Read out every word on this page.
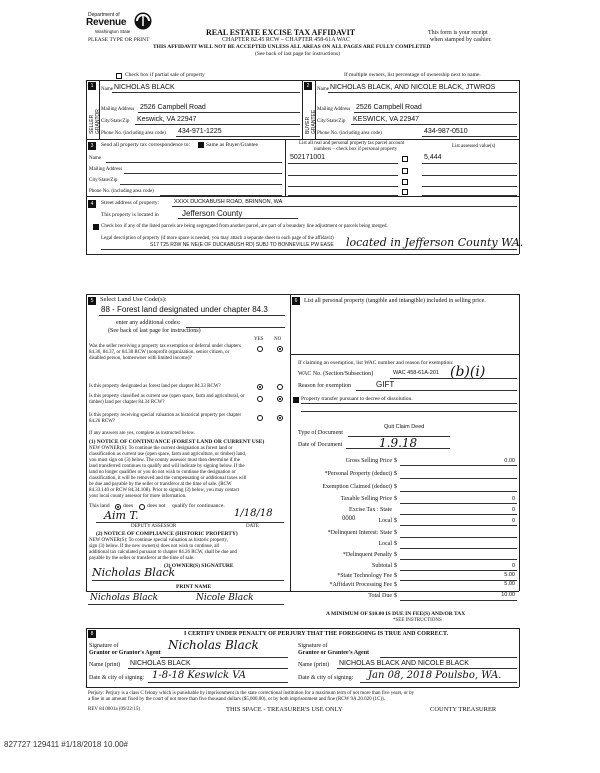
Department of
Revenue
Washington State
PLEASE TYPE OR PRINT
REAL ESTATE EXCISE TAX AFFIDAVIT
CHAPTER 82.45 RCW – CHAPTER 458-61A WAC
THIS AFFIDAVIT WILL NOT BE ACCEPTED UNLESS ALL AREAS ON ALL PAGES ARE FULLY COMPLETED
(See back of last page for instructions)
This form is your receipt
when stamped by cashier.
Check box if partial sale of property	If multiple owners, list percentage of ownership next to name.
1
SELLER GRANTOR
2
BUYER GRANTEE
Name NICHOLAS BLACK
Mailing Address 2526 Campbell Road
City/State/Zip Keswick, VA 22947
Phone No. (including area code) 434-971-1225
Name NICHOLAS BLACK, AND NICOLE BLACK, JTWROS
Mailing Address 2526 Campbell Road
City/State/Zip KESWICK, VA 22947
Phone No. (including area code)	434-987-0510
3	Send all property tax correspondence to:	Same as Buyer/Grantee
Name
Mailing Address
City/State/Zip
Phone No. (including area code)
List all real and personal property tax parcel account
numbers – check box if personal property
List assessed value(s)
502171001	5,444
4	Street address of property:	XXXX DUCKABUSH ROAD, BRINNON, WA
This property is located in	Jefferson County
Check box if any of the listed parcels are being segregated from another parcel, are part of a boundary line adjustment or parcels being merged.
Legal description of property (if more space is needed, you may attach a separate sheet to each page of the affidavit)
S17 T25 R3W NE NE(E OF DUCKABUSH RD) SUBJ TO BONNEVILLE PW EASE located in Jefferson County WA.
5	Select Land Use Code(s):
88 - Forest land designated under chapter 84.3
enter any additional codes:
(See back of last page for instructions)
YES NO
Was the seller receiving a property tax exemption or deferral under chapters 84.36, 84.37, or 84.38 RCW (nonprofit organization, senior citizen, or disabled person, homeowner with limited income)?
Is this property designated as forest land per chapter 84.33 RCW?
Is this property classified as current use (open space, farm and agricultural, or timber) land per chapter 84.34 RCW?
Is this property receiving special valuation as historical property per chapter 84.26 RCW?
If any answers are yes, complete as instructed below.
(1) NOTICE OF CONTINUANCE (FOREST LAND OR CURRENT USE)
NEW OWNER(S): To continue the current designation as forest land or
classification as current use (open space, farm and agriculture, or timber) land,
you must sign on (3) below. The county assessor must then determine if the
land transferred continues to qualify and will indicate by signing below. If the
land no longer qualifies or you do not wish to continue the designation or
classification, it will be removed and the compensating or additional taxes will
be due and payable by the seller or transferor at the time of sale. (RCW
84.33.140 or RCW 84.34.108). Prior to signing (3) below, you may contact
your local county assessor for more information.
This land does	does not qualify for continuance.
Aim T.	1/18/18
DEPUTY ASSESSOR	DATE
(2) NOTICE OF COMPLIANCE (HISTORIC PROPERTY)
NEW OWNER(S): To continue special valuation as historic property,
sign (3) below. If the new owner(s) does not wish to continue, all
additional tax calculated pursuant to chapter 84.26 RCW, shall be due and
payable by the seller or transferor at the time of sale.
(3) OWNER(S) SIGNATURE
Nicholas Black
PRINT NAME
Nicholas Black	Nicole Black
6	List all personal property (tangible and intangible) included in selling price.
If claiming an exemption, list WAC number and reason for exemption:
WAC No. (Section/Subsection)	WAC 458-61A-201 (b)(i)
Reason for exemption	GIFT
Property transfer pursuant to decree of dissolution.
Type of Document
Quit Claim Deed
Date of Document	1.9.18
Gross Selling Price $	0.00
*Personal Property (deduct) $
Exemption Claimed (deduct) $
Taxable Selling Price $	0
Excise Tax : State	0
0000	Local $	0
*Delinquent Interest: State $
Local $
*Delinquent Penalty $
Subtotal $	0
*State Technology Fee $	5.00
*Affidavit Processing Fee $	5.00
Total Due $	10.00
A MINIMUM OF $10.00 IS DUE IN FEE(S) AND/OR TAX
*SEE INSTRUCTIONS
8	I CERTIFY UNDER PENALTY OF PERJURY THAT THE FOREGOING IS TRUE AND CORRECT.
Signature of
Grantor or Grantor's Agent
Nicholas Black
Name (print) NICHOLAS BLACK
Date & city of signing: 1-8-18 Keswick VA
Signature of
Grantee or Grantee's Agent
Name (print) NICHOLAS BLACK AND NICOLE BLACK
Date & city of signing: Jan 08, 2018 Poulsbo, WA.
Perjury: Perjury is a class C felony which is punishable by imprisonment in the state correctional institution for a maximum term of not more than five years, or by
a fine in an amount fixed by the court of not more than five thousand dollars ($5,000.00), or by both imprisonment and fine (RCW 9A.20.020 (1C)).
REV 84 0001a (09/22/15)	THIS SPACE - TREASURER'S USE ONLY	COUNTY TREASURER
827727 129411 #1/18/2018 10.00#
